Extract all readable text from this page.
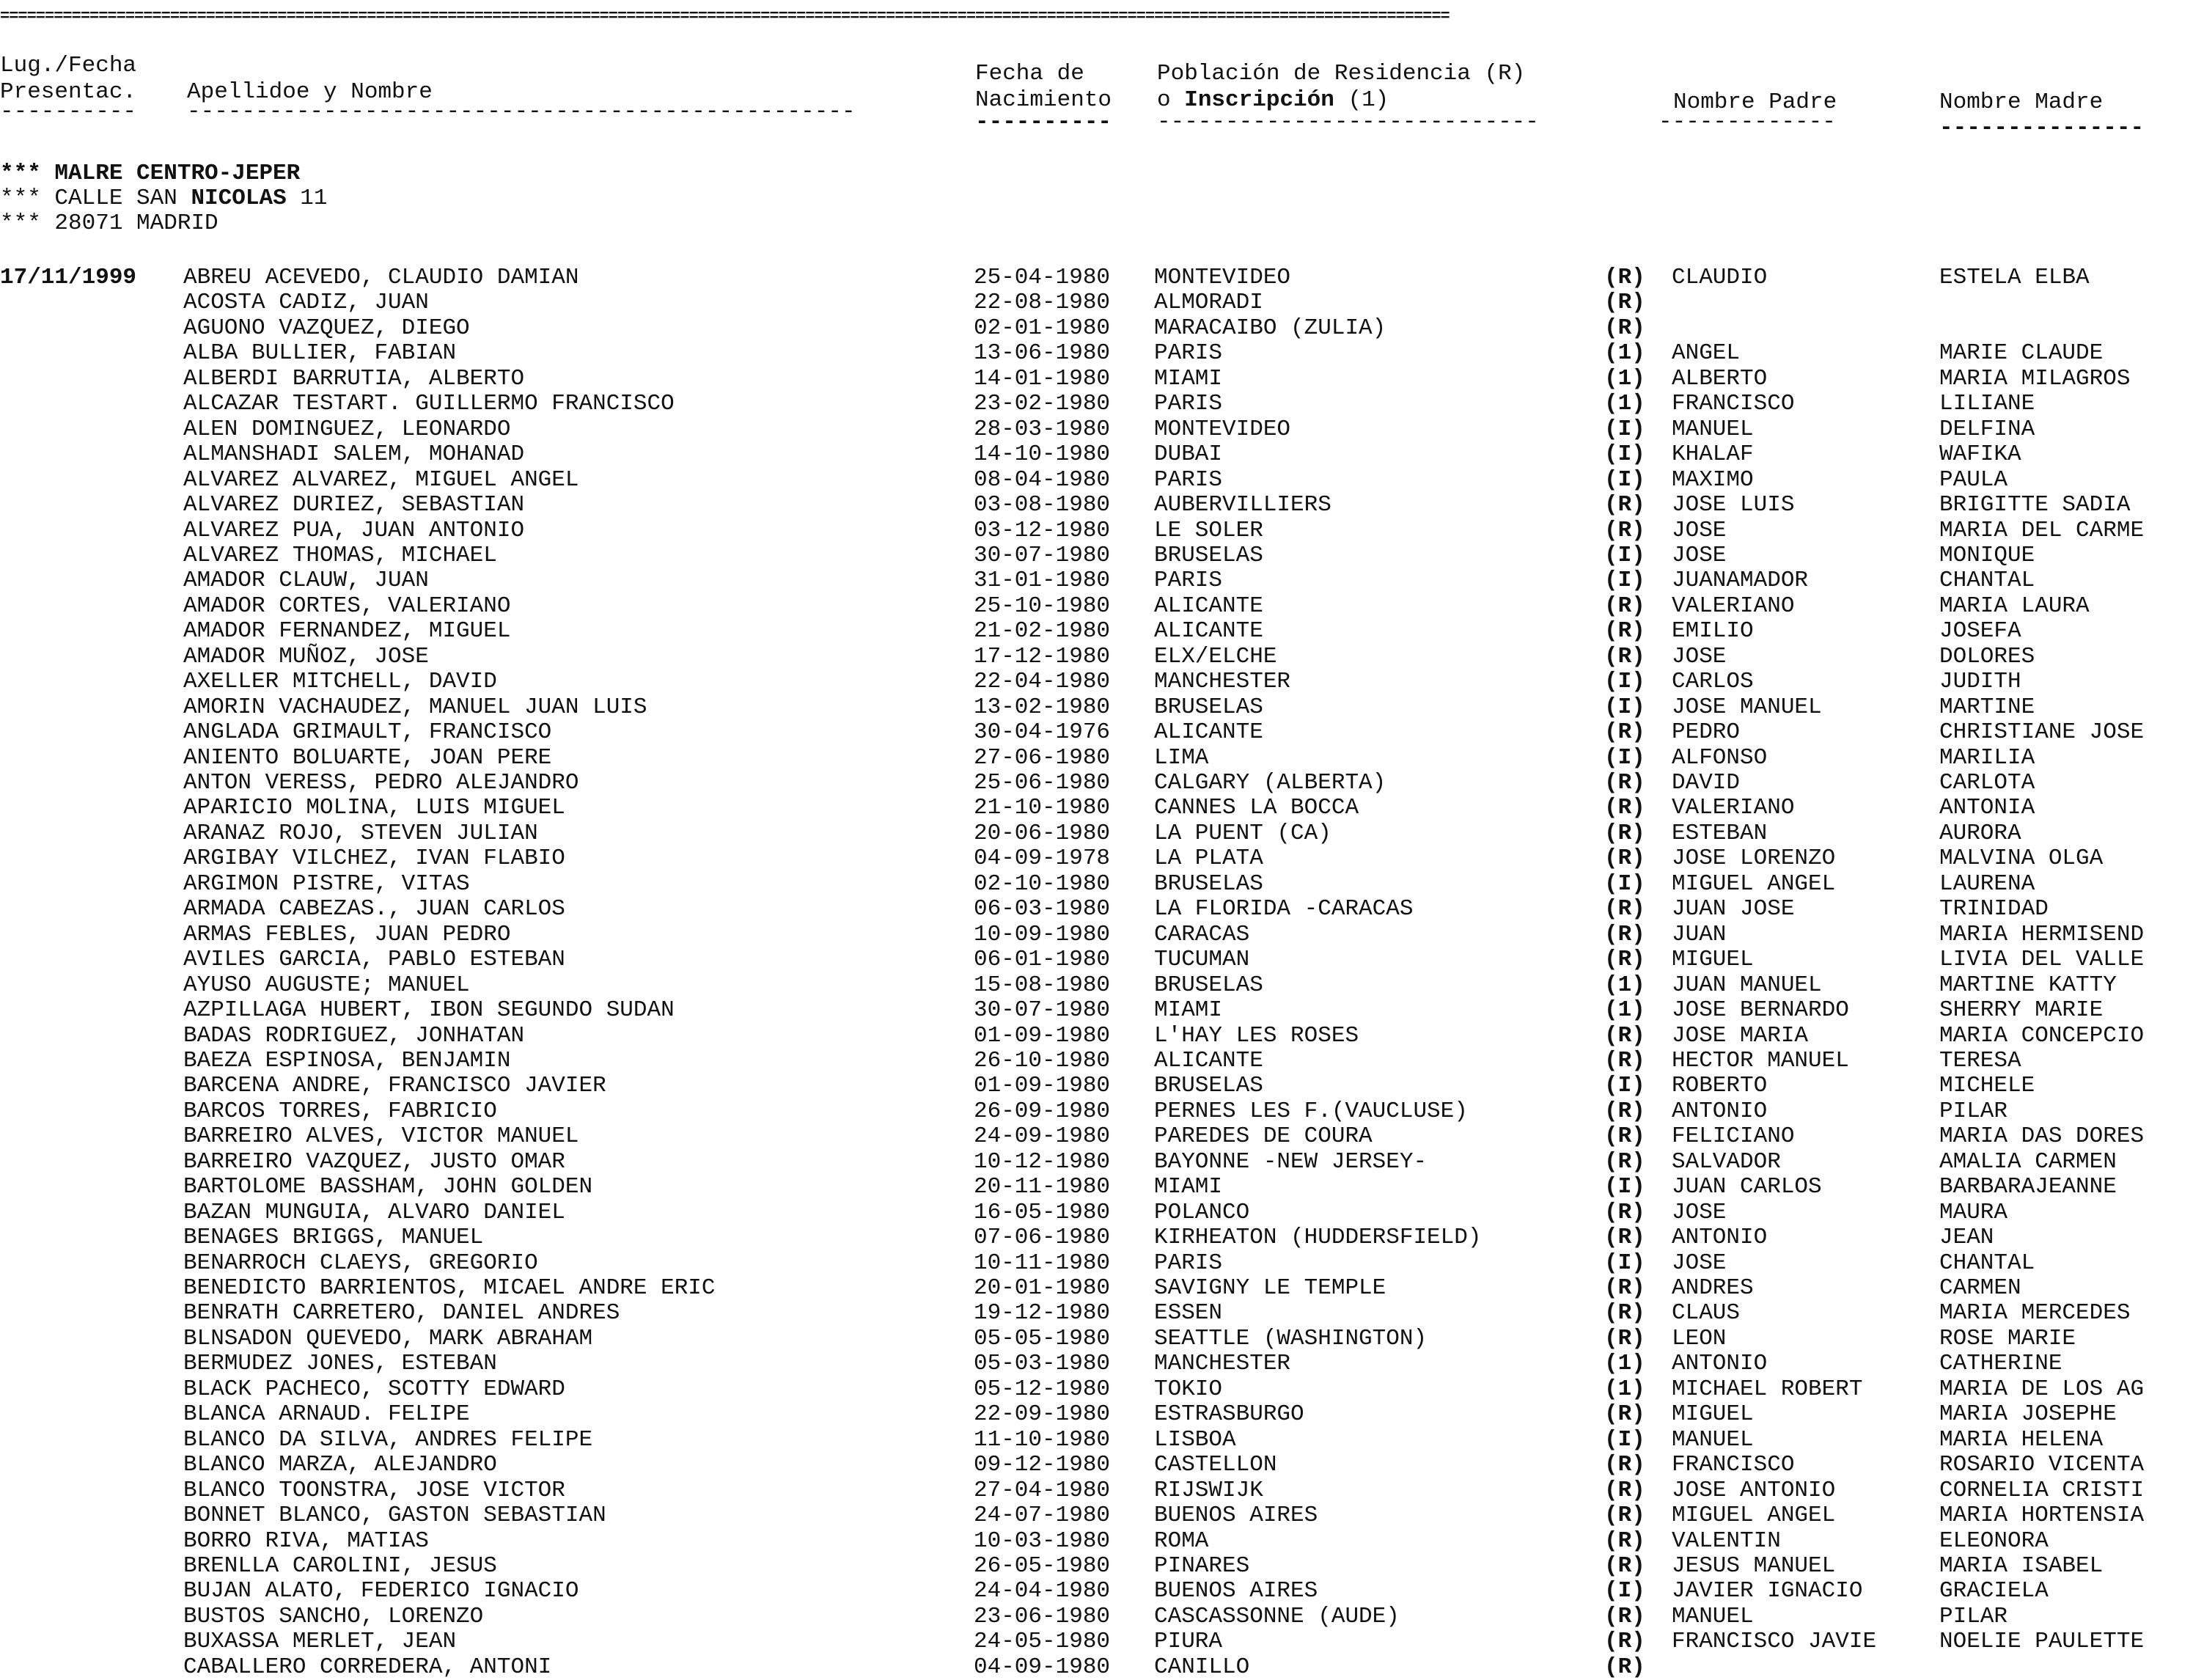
==================================================================================================================================================================
Lug./Fecha
Presentac.
----------
Apellidoe y Nombre
-------------------------------------------------
Fecha de
Nacimiento
----------
Población de Residencia (R)
o Inscripción (1)
----------------------------
Nombre Padre
-------------
Nombre Madre
---------------
*** MALRE CENTRO-JEPER
*** CALLE SAN NICOLAS 11
*** 28071 MADRID
17/11/1999 ABREU ACEVEDO, CLAUDIO DAMIAN	25-04-1980 MONTEVIDEO	(R) CLAUDIO	ESTELA ELBA
ACOSTA CADIZ, JUAN	22-08-1980 ALMORADI	(R)
AGUONO VAZQUEZ, DIEGO	02-01-1980 MARACAIBO (ZULIA)	(R)
ALBA BULLIER, FABIAN	13-06-1980 PARIS	(1) ANGEL	MARIE CLAUDE
ALBERDI BARRUTIA, ALBERTO	14-01-1980 MIAMI	(1) ALBERTO	MARIA MILAGROS
ALCAZAR TESTART. GUILLERMO FRANCISCO	23-02-1980 PARIS	(1) FRANCISCO	LILIANE
ALEN DOMINGUEZ, LEONARDO	28-03-1980 MONTEVIDEO	(I) MANUEL	DELFINA
ALMANSHADI SALEM, MOHANAD	14-10-1980 DUBAI	(I) KHALAF	WAFIKA
ALVAREZ ALVAREZ, MIGUEL ANGEL	08-04-1980 PARIS	(I) MAXIMO	PAULA
ALVAREZ DURIEZ, SEBASTIAN	03-08-1980 AUBERVILLIERS	(R) JOSE LUIS	BRIGITTE SADIA
ALVAREZ PUA, JUAN ANTONIO	03-12-1980 LE SOLER	(R) JOSE	MARIA DEL CARME
ALVAREZ THOMAS, MICHAEL	30-07-1980 BRUSELAS	(I) JOSE	MONIQUE
AMADOR CLAUW, JUAN	31-01-1980 PARIS	(I) JUANAMADOR	CHANTAL
AMADOR CORTES, VALERIANO	25-10-1980 ALICANTE	(R) VALERIANO	MARIA LAURA
AMADOR FERNANDEZ, MIGUEL	21-02-1980 ALICANTE	(R) EMILIO	JOSEFA
AMADOR MUÑOZ, JOSE	17-12-1980 ELX/ELCHE	(R) JOSE	DOLORES
AXELLER MITCHELL, DAVID	22-04-1980 MANCHESTER	(I) CARLOS	JUDITH
AMORIN VACHAUDEZ, MANUEL JUAN LUIS	13-02-1980 BRUSELAS	(I) JOSE MANUEL	MARTINE
ANGLADA GRIMAULT, FRANCISCO	30-04-1976 ALICANTE	(R) PEDRO	CHRISTIANE JOSE
ANIENTO BOLUARTE, JOAN PERE	27-06-1980 LIMA	(I) ALFONSO	MARILIA
ANTON VERESS, PEDRO ALEJANDRO	25-06-1980 CALGARY (ALBERTA)	(R) DAVID	CARLOTA
APARICIO MOLINA, LUIS MIGUEL	21-10-1980 CANNES LA BOCCA	(R) VALERIANO	ANTONIA
ARANAZ ROJO, STEVEN JULIAN	20-06-1980 LA PUENT (CA)	(R) ESTEBAN	AURORA
ARGIBAY VILCHEZ, IVAN FLABIO	04-09-1978 LA PLATA	(R) JOSE LORENZO	MALVINA OLGA
ARGIMON PISTRE, VITAS	02-10-1980 BRUSELAS	(I) MIGUEL ANGEL	LAURENA
ARMADA CABEZAS., JUAN CARLOS	06-03-1980 LA FLORIDA -CARACAS	(R) JUAN JOSE	TRINIDAD
ARMAS FEBLES, JUAN PEDRO	10-09-1980 CARACAS	(R) JUAN	MARIA HERMISEND
AVILES GARCIA, PABLO ESTEBAN	06-01-1980 TUCUMAN	(R) MIGUEL	LIVIA DEL VALLE
AYUSO AUGUSTE; MANUEL	15-08-1980 BRUSELAS	(1) JUAN MANUEL	MARTINE KATTY
AZPILLAGA HUBERT, IBON SEGUNDO SUDAN	30-07-1980 MIAMI	(1) JOSE BERNARDO	SHERRY MARIE
BADAS RODRIGUEZ, JONHATAN	01-09-1980 L'HAY LES ROSES	(R) JOSE MARIA	MARIA CONCEPCIO
BAEZA ESPINOSA, BENJAMIN	26-10-1980 ALICANTE	(R) HECTOR MANUEL	TERESA
BARCENA ANDRE, FRANCISCO JAVIER	01-09-1980 BRUSELAS	(I) ROBERTO	MICHELE
BARCOS TORRES, FABRICIO	26-09-1980 PERNES LES F.(VAUCLUSE)	(R) ANTONIO	PILAR
BARREIRO ALVES, VICTOR MANUEL	24-09-1980 PAREDES DE COURA	(R) FELICIANO	MARIA DAS DORES
BARREIRO VAZQUEZ, JUSTO OMAR	10-12-1980 BAYONNE -NEW JERSEY-	(R) SALVADOR	AMALIA CARMEN
BARTOLOME BASSHAM, JOHN GOLDEN	20-11-1980 MIAMI	(I) JUAN CARLOS	BARBARAJEANNE
BAZAN MUNGUIA, ALVARO DANIEL	16-05-1980 POLANCO	(R) JOSE	MAURA
BENAGES BRIGGS, MANUEL	07-06-1980 KIRHEATON (HUDDERSFIELD)	(R) ANTONIO	JEAN
BENARROCH CLAEYS, GREGORIO	10-11-1980 PARIS	(I) JOSE	CHANTAL
BENEDICTO BARRIENTOS, MICAEL ANDRE ERIC	20-01-1980 SAVIGNY LE TEMPLE	(R) ANDRES	CARMEN
BENRATH CARRETERO, DANIEL ANDRES	19-12-1980 ESSEN	(R) CLAUS	MARIA MERCEDES
BLNSADON QUEVEDO, MARK ABRAHAM	05-05-1980 SEATTLE (WASHINGTON)	(R) LEON	ROSE MARIE
BERMUDEZ JONES, ESTEBAN	05-03-1980 MANCHESTER	(1) ANTONIO	CATHERINE
BLACK PACHECO, SCOTTY EDWARD	05-12-1980 TOKIO	(1) MICHAEL ROBERT	MARIA DE LOS AG
BLANCA ARNAUD. FELIPE	22-09-1980 ESTRASBURGO	(R) MIGUEL	MARIA JOSEPHE
BLANCO DA SILVA, ANDRES FELIPE	11-10-1980 LISBOA	(I) MANUEL	MARIA HELENA
BLANCO MARZA, ALEJANDRO	09-12-1980 CASTELLON	(R) FRANCISCO	ROSARIO VICENTA
BLANCO TOONSTRA, JOSE VICTOR	27-04-1980 RIJSWIJK	(R) JOSE ANTONIO	CORNELIA CRISTI
BONNET BLANCO, GASTON SEBASTIAN	24-07-1980 BUENOS AIRES	(R) MIGUEL ANGEL	MARIA HORTENSIA
BORRO RIVA, MATIAS	10-03-1980 ROMA	(R) VALENTIN	ELEONORA
BRENLLA CAROLINI, JESUS	26-05-1980 PINARES	(R) JESUS MANUEL	MARIA ISABEL
BUJAN ALATO, FEDERICO IGNACIO	24-04-1980 BUENOS AIRES	(I) JAVIER IGNACIO	GRACIELA
BUSTOS SANCHO, LORENZO	23-06-1980 CASCASSONNE (AUDE)	(R) MANUEL	PILAR
BUXASSA MERLET, JEAN	24-05-1980 PIURA	(R) FRANCISCO JAVIE	NOELIE PAULETTE
CABALLERO CORREDERA, ANTONI	04-09-1980 CANILLO	(R)
